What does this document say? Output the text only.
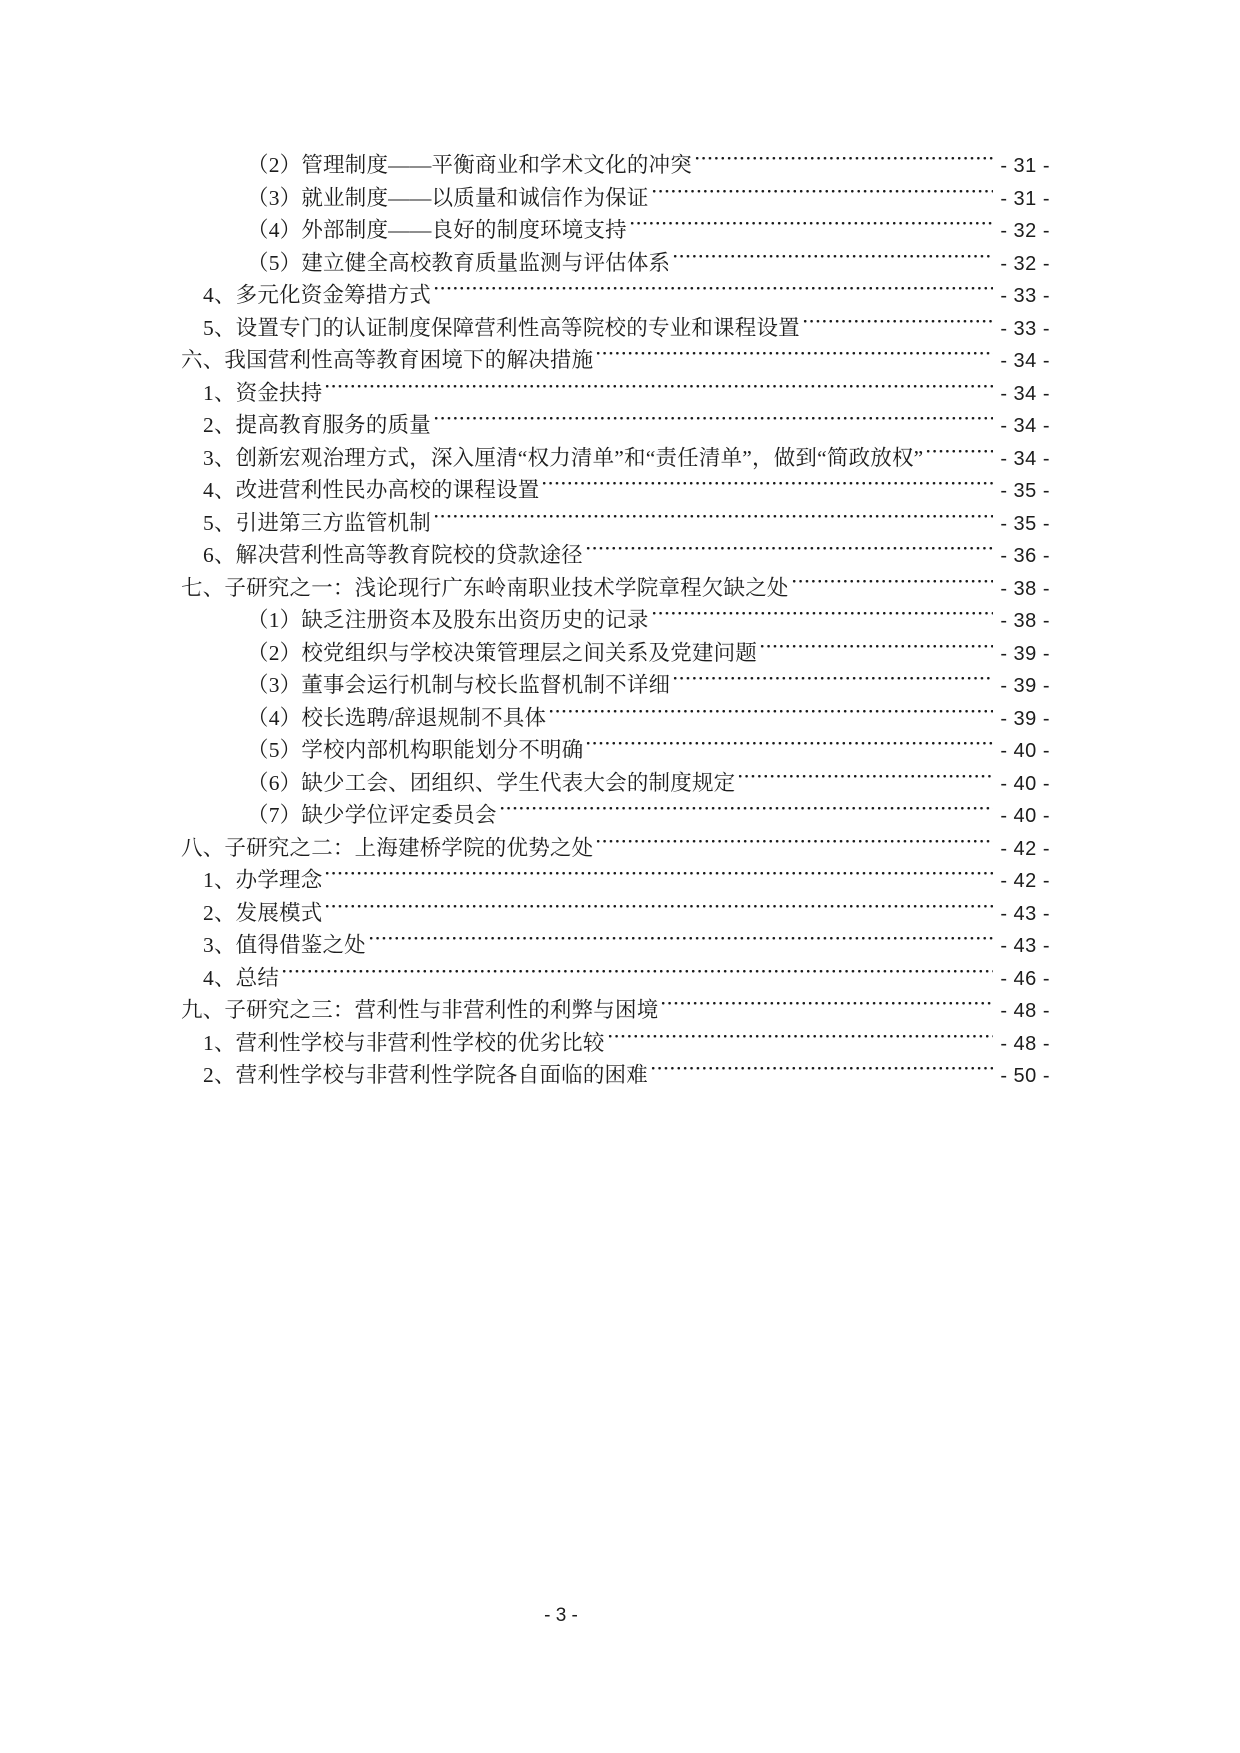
（2）管理制度——平衡商业和学术文化的冲突	- 31 -
（3）就业制度——以质量和诚信作为保证	- 31 -
（4）外部制度——良好的制度环境支持	- 32 -
（5）建立健全高校教育质量监测与评估体系	- 32 -
4、多元化资金筹措方式	- 33 -
5、设置专门的认证制度保障营利性高等院校的专业和课程设置	- 33 -
六、我国营利性高等教育困境下的解决措施	- 34 -
1、资金扶持	- 34 -
2、提高教育服务的质量	- 34 -
3、创新宏观治理方式，深入厘清“权力清单”和“责任清单”，做到“简政放权”	- 34 -
4、改进营利性民办高校的课程设置	- 35 -
5、引进第三方监管机制	- 35 -
6、解决营利性高等教育院校的贷款途径	- 36 -
七、子研究之一：浅论现行广东岭南职业技术学院章程欠缺之处	- 38 -
（1）缺乏注册资本及股东出资历史的记录	- 38 -
（2）校党组织与学校决策管理层之间关系及党建问题	- 39 -
（3）董事会运行机制与校长监督机制不详细	- 39 -
（4）校长选聘/辞退规制不具体	- 39 -
（5）学校内部机构职能划分不明确	- 40 -
（6）缺少工会、团组织、学生代表大会的制度规定	- 40 -
（7）缺少学位评定委员会	- 40 -
八、子研究之二：上海建桥学院的优势之处	- 42 -
1、办学理念	- 42 -
2、发展模式	- 43 -
3、值得借鉴之处	- 43 -
4、总结	- 46 -
九、子研究之三：营利性与非营利性的利弊与困境	- 48 -
1、营利性学校与非营利性学校的优劣比较	- 48 -
2、营利性学校与非营利性学院各自面临的困难	- 50 -
- 3 -
